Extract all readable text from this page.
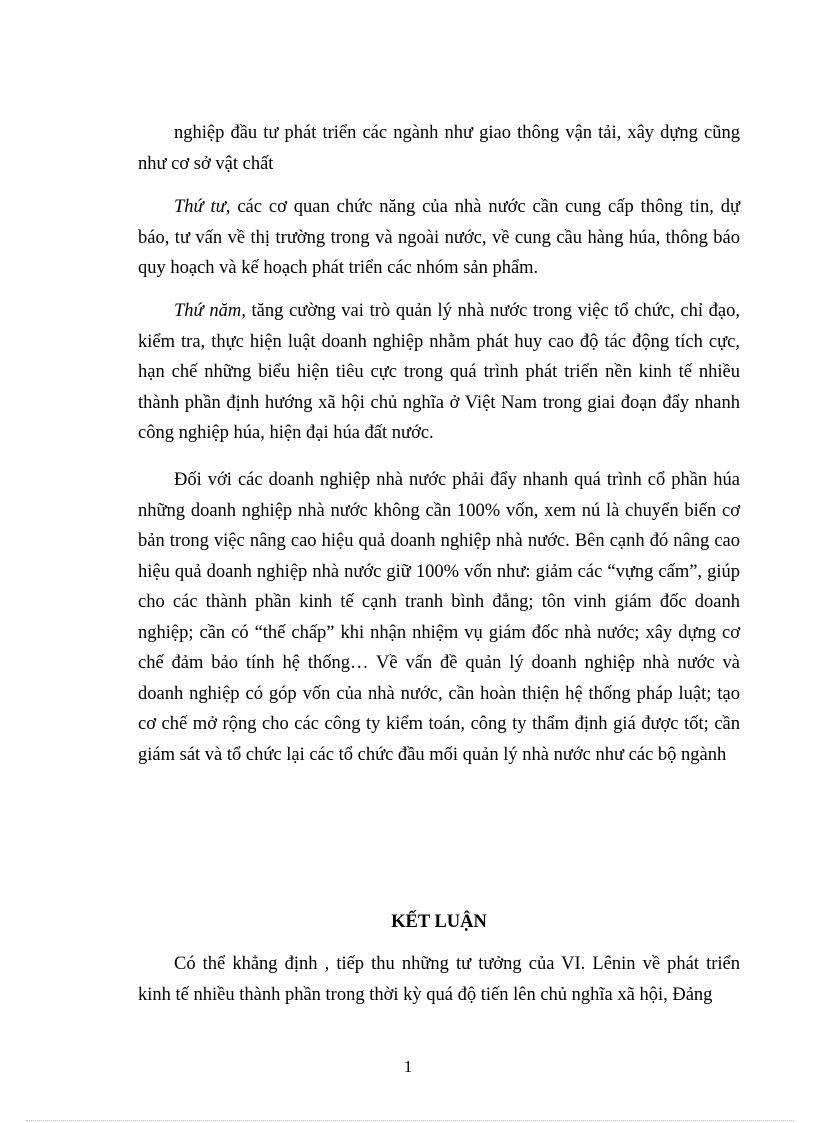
nghiệp đầu tư phát triển các ngành như giao thông vận tải, xây dựng cũng như cơ sở vật chất

Thứ tư, các cơ quan chức năng của nhà nước cần cung cấp thông tin, dự báo, tư vấn về thị trường trong và ngoài nước, về cung cầu hàng húa, thông báo quy hoạch và kế hoạch phát triển các nhóm sản phẩm.

Thứ năm, tăng cường vai trò quản lý nhà nước trong việc tổ chức, chỉ đạo, kiểm tra, thực hiện luật doanh nghiệp nhằm phát huy cao độ tác động tích cực, hạn chế những biểu hiện tiêu cực trong quá trình phát triển nền kinh tế nhiều thành phần định hướng xã hội chủ nghĩa ở Việt Nam trong giai đoạn đẩy nhanh công nghiệp húa, hiện đại húa đất nước.

Đối với các doanh nghiệp nhà nước phải đẩy nhanh quá trình cổ phần húa những doanh nghiệp nhà nước không cần 100% vốn, xem nú là chuyển biến cơ bản trong việc nâng cao hiệu quả doanh nghiệp nhà nước. Bên cạnh đó nâng cao hiệu quả doanh nghiệp nhà nước giữ 100% vốn như: giảm các “vựng cấm”, giúp cho các thành phần kinh tế cạnh tranh bình đẳng; tôn vinh giám đốc doanh nghiệp; cần có “thế chấp” khi nhận nhiệm vụ giám đốc nhà nước; xây dựng cơ chế đảm bảo tính hệ thống… Về vấn đề quản lý doanh nghiệp nhà nước và doanh nghiệp có góp vốn của nhà nước, cần hoàn thiện hệ thống pháp luật; tạo cơ chế mở rộng cho các công ty kiểm toán, công ty thẩm định giá được tốt; cần giám sát và tổ chức lại các tổ chức đầu mối quản lý nhà nước như các bộ ngành

KẾT LUẬN

Có thể khẳng định , tiếp thu những tư tưởng của VI. Lênin về phát triển kinh tế nhiều thành phần trong thời kỳ quá độ tiến lên chủ nghĩa xã hội, Đảng

1
